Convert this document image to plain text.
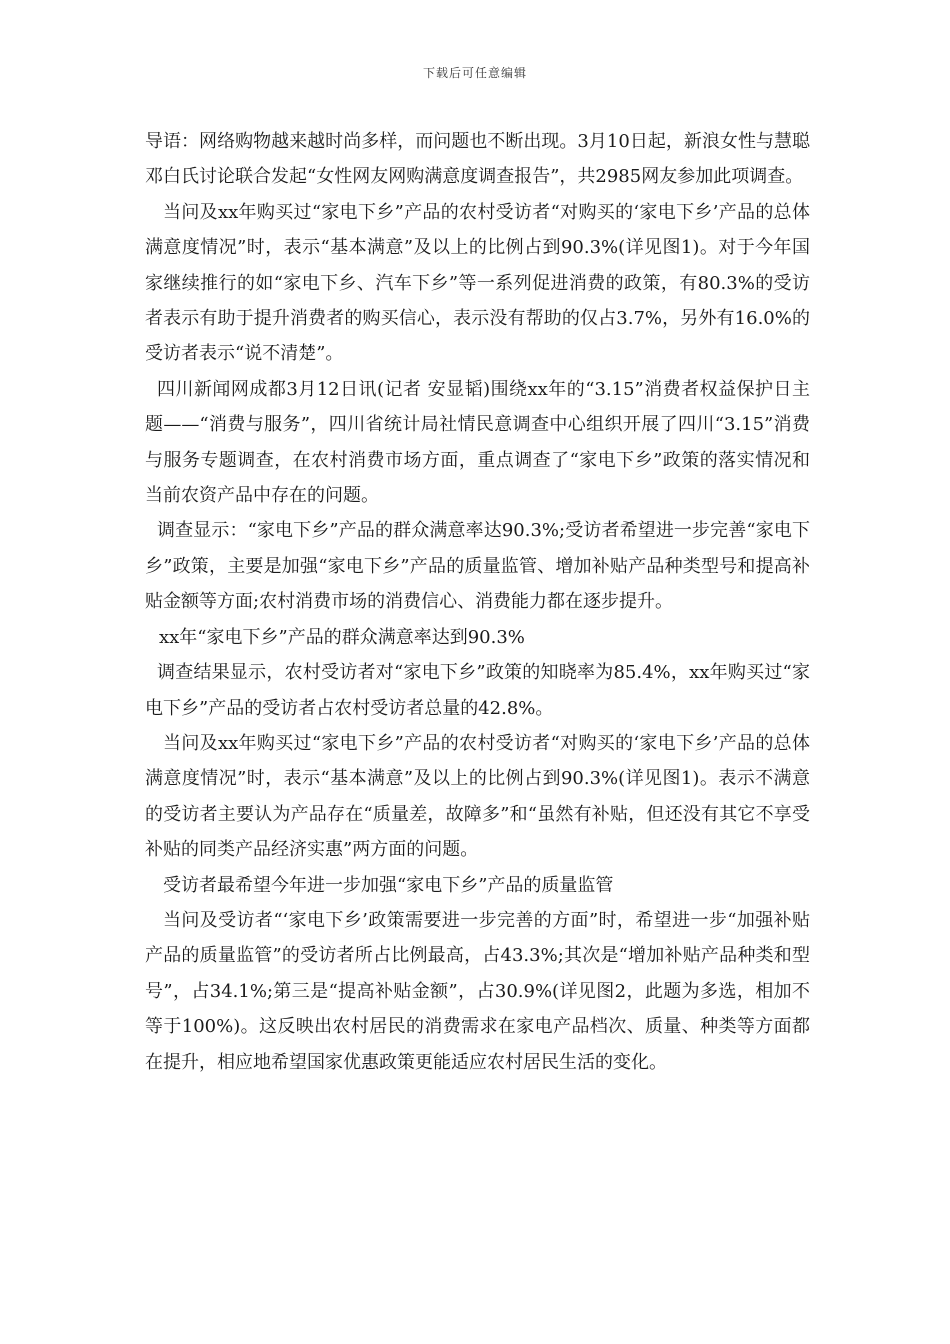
下载后可任意编辑

导语：网络购物越来越时尚多样，而问题也不断出现。3月10日起，新浪女性与慧聪邓白氏讨论联合发起“女性网友网购满意度调查报告”，共2985网友参加此项调查。

当问及xx年购买过“家电下乡”产品的农村受访者“对购买的‘家电下乡’产品的总体满意度情况”时，表示“基本满意”及以上的比例占到90.3%(详见图1)。对于今年国家继续推行的如“家电下乡、汽车下乡”等一系列促进消费的政策，有80.3%的受访者表示有助于提升消费者的购买信心，表示没有帮助的仅占3.7%，另外有16.0%的受访者表示“说不清楚”。

四川新闻网成都3月12日讯(记者 安显韬)围绕xx年的“3.15”消费者权益保护日主题——“消费与服务”，四川省统计局社情民意调查中心组织开展了四川“3.15”消费与服务专题调查，在农村消费市场方面，重点调查了“家电下乡”政策的落实情况和当前农资产品中存在的问题。

调查显示：“家电下乡”产品的群众满意率达90.3%;受访者希望进一步完善“家电下乡”政策，主要是加强“家电下乡”产品的质量监管、增加补贴产品种类型号和提高补贴金额等方面;农村消费市场的消费信心、消费能力都在逐步提升。

xx年“家电下乡”产品的群众满意率达到90.3%

调查结果显示，农村受访者对“家电下乡”政策的知晓率为85.4%，xx年购买过“家电下乡”产品的受访者占农村受访者总量的42.8%。

当问及xx年购买过“家电下乡”产品的农村受访者“对购买的‘家电下乡’产品的总体满意度情况”时，表示“基本满意”及以上的比例占到90.3%(详见图1)。表示不满意的受访者主要认为产品存在“质量差，故障多”和“虽然有补贴，但还没有其它不享受补贴的同类产品经济实惠”两方面的问题。

受访者最希望今年进一步加强“家电下乡”产品的质量监管

当问及受访者“‘家电下乡’政策需要进一步完善的方面”时，希望进一步“加强补贴产品的质量监管”的受访者所占比例最高，占43.3%;其次是“增加补贴产品种类和型号”，占34.1%;第三是“提高补贴金额”，占30.9%(详见图2，此题为多选，相加不等于100%)。这反映出农村居民的消费需求在家电产品档次、质量、种类等方面都在提升，相应地希望国家优惠政策更能适应农村居民生活的变化。
